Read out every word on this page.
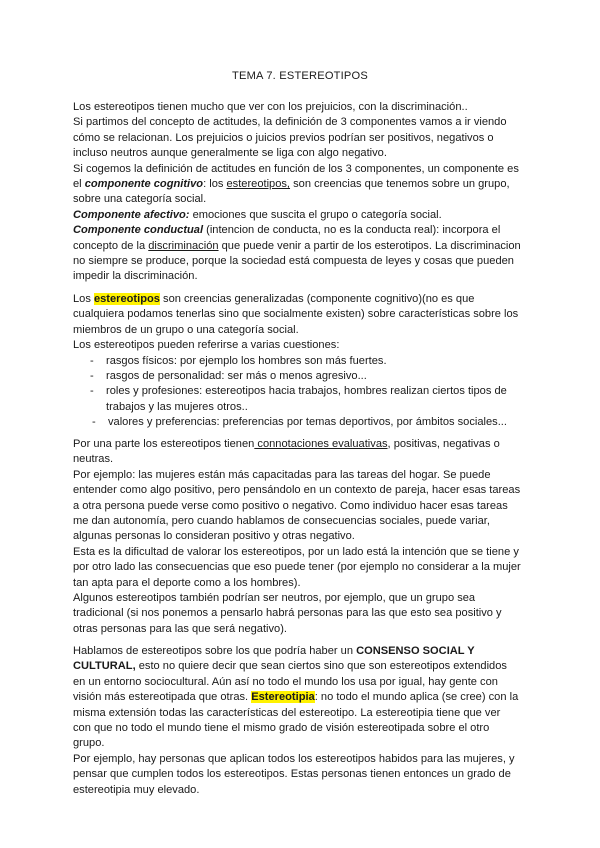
TEMA 7. ESTEREOTIPOS

Los estereotipos tienen mucho que ver con los prejuicios, con la discriminación..

Si partimos del concepto de actitudes, la definición de 3 componentes vamos a ir viendo cómo se relacionan. Los prejuicios o juicios previos podrían ser positivos, negativos o incluso neutros aunque generalmente se liga con algo negativo.

Si cogemos la definición de actitudes en función de los 3 componentes, un componente es el componente cognitivo: los estereotipos, son creencias que tenemos sobre un grupo, sobre una categoría social.

Componente afectivo: emociones que suscita el grupo o categoría social.

Componente conductual (intencion de conducta, no es la conducta real): incorpora el concepto de la discriminación que puede venir a partir de los esterotipos. La discriminacion no siempre se produce, porque la sociedad está compuesta de leyes y cosas que pueden impedir la discriminación.

Los estereotipos son creencias generalizadas (componente cognitivo)(no es que cualquiera podamos tenerlas sino que socialmente existen) sobre características sobre los miembros de un grupo o una categoría social.

Los estereotipos pueden referirse a varias cuestiones:

- rasgos físicos: por ejemplo los hombres son más fuertes.
- rasgos de personalidad: ser más o menos agresivo...
- roles y profesiones: estereotipos hacia trabajos, hombres realizan ciertos tipos de trabajos y las mujeres otros..
- valores y preferencias: preferencias por temas deportivos, por ámbitos sociales...

Por una parte los estereotipos tienen connotaciones evaluativas, positivas, negativas o neutras.

Por ejemplo: las mujeres están más capacitadas para las tareas del hogar. Se puede entender como algo positivo, pero pensándolo en un contexto de pareja, hacer esas tareas a otra persona puede verse como positivo o negativo. Como individuo hacer esas tareas me dan autonomía, pero cuando hablamos de consecuencias sociales, puede variar, algunas personas lo consideran positivo y otras negativo.

Esta es la dificultad de valorar los estereotipos, por un lado está la intención que se tiene y por otro lado las consecuencias que eso puede tener (por ejemplo no considerar a la mujer tan apta para el deporte como a los hombres).

Algunos estereotipos también podrían ser neutros, por ejemplo, que un grupo sea tradicional (si nos ponemos a pensarlo habrá personas para las que esto sea positivo y otras personas para las que será negativo).

Hablamos de estereotipos sobre los que podría haber un CONSENSO SOCIAL Y CULTURAL, esto no quiere decir que sean ciertos sino que son estereotipos extendidos en un entorno sociocultural. Aún así no todo el mundo los usa por igual, hay gente con visión más estereotipada que otras. Estereotipia: no todo el mundo aplica (se cree) con la misma extensión todas las características del estereotipo. La estereotipia tiene que ver con que no todo el mundo tiene el mismo grado de visión estereotipada sobre el otro grupo.

Por ejemplo, hay personas que aplican todos los estereotipos habidos para las mujeres, y pensar que cumplen todos los estereotipos. Estas personas tienen entonces un grado de estereotipia muy elevado.
